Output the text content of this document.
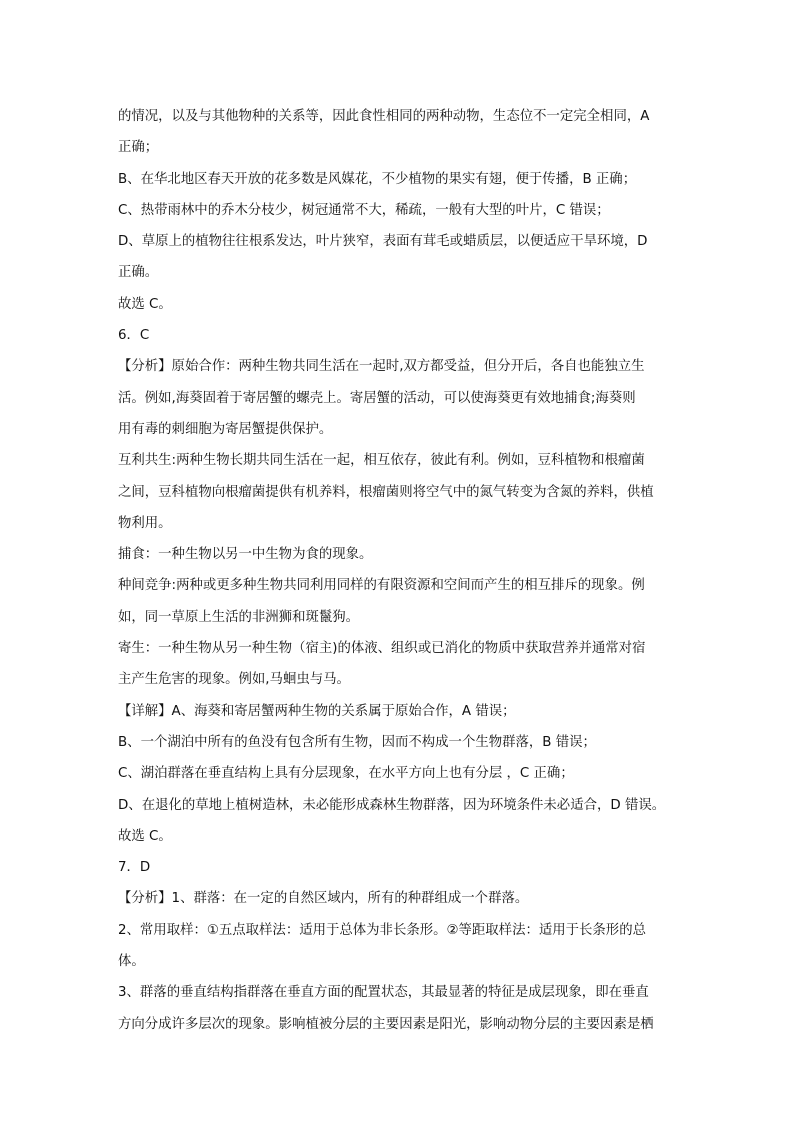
的情况，以及与其他物种的关系等，因此食性相同的两种动物，生态位不一定完全相同，A
正确；
B、在华北地区春天开放的花多数是风媒花，不少植物的果实有翅，便于传播，B 正确；
C、热带雨林中的乔木分枝少，树冠通常不大，稀疏，一般有大型的叶片，C 错误；
D、草原上的植物往往根系发达，叶片狭窄，表面有茸毛或蜡质层，以便适应干旱环境，D
正确。
故选 C。
6．C
【分析】原始合作：两种生物共同生活在一起时,双方都受益，但分开后，各自也能独立生
活。例如,海葵固着于寄居蟹的螺壳上。寄居蟹的活动，可以使海葵更有效地捕食;海葵则
用有毒的刺细胞为寄居蟹提供保护。
互利共生:两种生物长期共同生活在一起，相互依存，彼此有利。例如，豆科植物和根瘤菌
之间，豆科植物向根瘤菌提供有机养料，根瘤菌则将空气中的氮气转变为含氮的养料，供植
物利用。
捕食：一种生物以另一中生物为食的现象。
种间竞争:两种或更多种生物共同利用同样的有限资源和空间而产生的相互排斥的现象。例
如，同一草原上生活的非洲狮和斑鬣狗。
寄生：一种生物从另一种生物（宿主)的体液、组织或已消化的物质中获取营养并通常对宿
主产生危害的现象。例如,马蛔虫与马。
【详解】A、海葵和寄居蟹两种生物的关系属于原始合作，A 错误；
B、一个湖泊中所有的鱼没有包含所有生物，因而不构成一个生物群落，B 错误；
C、湖泊群落在垂直结构上具有分层现象，在水平方向上也有分层 ，C 正确；
D、在退化的草地上植树造林，未必能形成森林生物群落，因为环境条件未必适合，D 错误。
故选 C。
7．D
【分析】1、群落：在一定的自然区域内，所有的种群组成一个群落。
2、常用取样：①五点取样法：适用于总体为非长条形。②等距取样法：适用于长条形的总
体。
3、群落的垂直结构指群落在垂直方面的配置状态，其最显著的特征是成层现象，即在垂直
方向分成许多层次的现象。影响植被分层的主要因素是阳光，影响动物分层的主要因素是栖
